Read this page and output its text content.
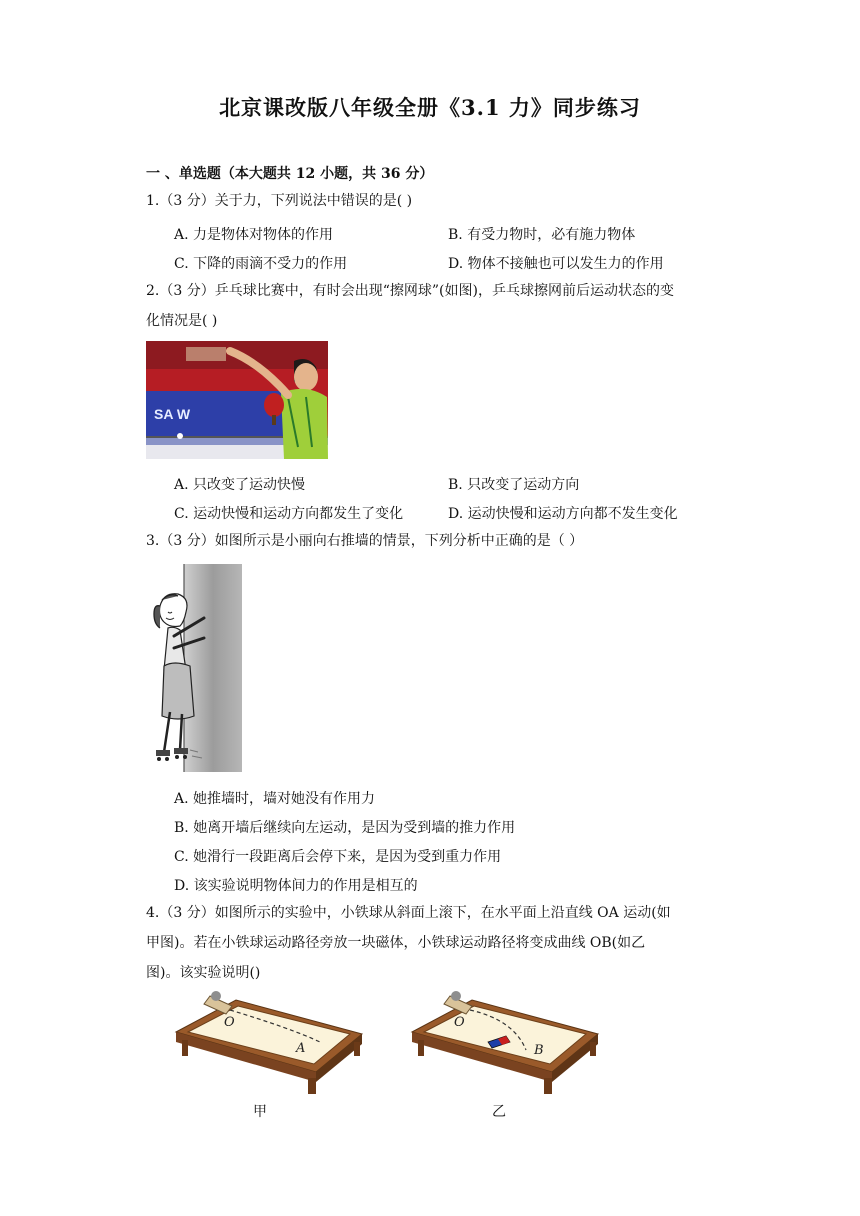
北京课改版八年级全册《3.1 力》同步练习
一 、单选题（本大题共 12 小题，共 36 分）
1.（3 分）关于力，下列说法中错误的是( )
A. 力是物体对物体的作用	B. 有受力物时，必有施力物体
C. 下降的雨滴不受力的作用	D. 物体不接触也可以发生力的作用
2.（3 分）乒乓球比赛中，有时会出现“擦网球”(如图)，乒乓球擦网前后运动状态的变
化情况是( )
SA W
A. 只改变了运动快慢	B. 只改变了运动方向
C. 运动快慢和运动方向都发生了变化	D. 运动快慢和运动方向都不发生变化
3.（3 分）如图所示是小丽向右推墙的情景，下列分析中正确的是（ ）
A. 她推墙时，墙对她没有作用力
B. 她离开墙后继续向左运动，是因为受到墙的推力作用
C. 她滑行一段距离后会停下来，是因为受到重力作用
D. 该实验说明物体间力的作用是相互的
4.（3 分）如图所示的实验中，小铁球从斜面上滚下，在水平面上沿直线 OA 运动(如
甲图)。若在小铁球运动路径旁放一块磁体，小铁球运动路径将变成曲线 OB(如乙
图)。该实验说明()
O
A
甲
O
B
乙
